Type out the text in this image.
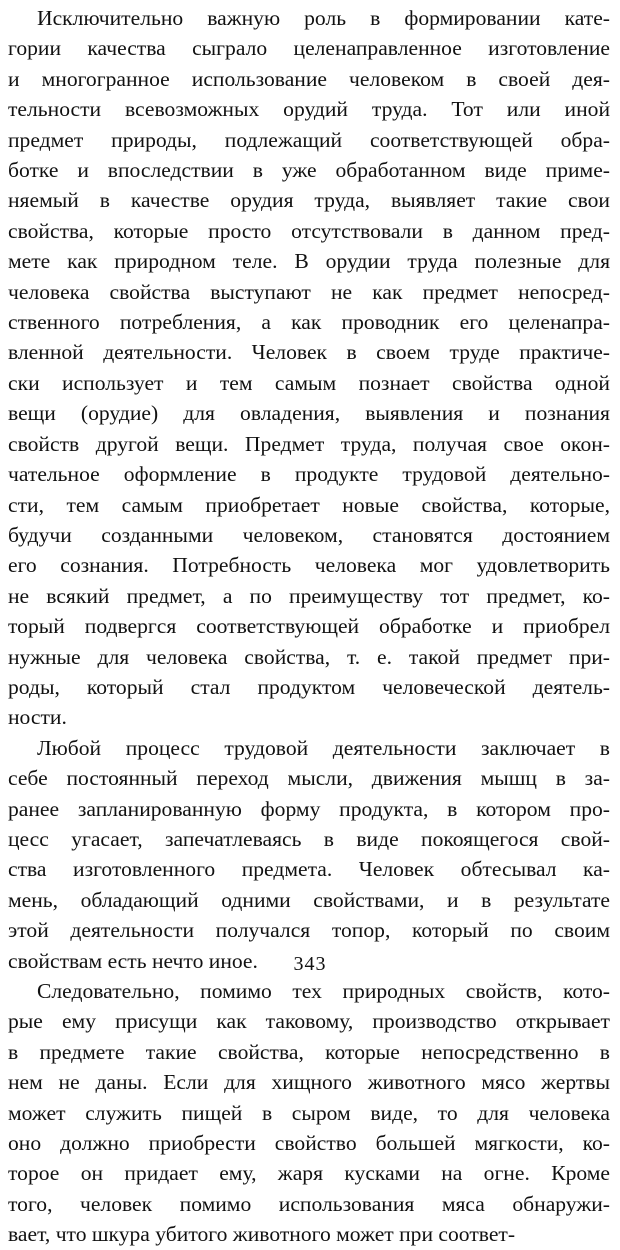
Исключительно важную роль в формировании кате-
гории качества сыграло целенаправленное изготовление
и многогранное использование человеком в своей дея-
тельности всевозможных орудий труда. Тот или иной
предмет природы, подлежащий соответствующей обра-
ботке и впоследствии в уже обработанном виде приме-
няемый в качестве орудия труда, выявляет такие свои
свойства, которые просто отсутствовали в данном пред-
мете как природном теле. В орудии труда полезные для
человека свойства выступают не как предмет непосред-
ственного потребления, а как проводник его целенапра-
вленной деятельности. Человек в своем труде практиче-
ски использует и тем самым познает свойства одной
вещи (орудие) для овладения, выявления и познания
свойств другой вещи. Предмет труда, получая свое окон-
чательное оформление в продукте трудовой деятельно-
сти, тем самым приобретает новые свойства, которые,
будучи созданными человеком, становятся достоянием
его сознания. Потребность человека мог удовлетворить
не всякий предмет, а по преимуществу тот предмет, ко-
торый подвергся соответствующей обработке и приобрел
нужные для человека свойства, т. е. такой предмет при-
роды, который стал продуктом человеческой деятель-
ности.

Любой процесс трудовой деятельности заключает в
себе постоянный переход мысли, движения мышц в за-
ранее запланированную форму продукта, в котором про-
цесс угасает, запечатлеваясь в виде покоящегося свой-
ства изготовленного предмета. Человек обтесывал ка-
мень, обладающий одними свойствами, и в результате
этой деятельности получался топор, который по своим
свойствам есть нечто иное.

Следовательно, помимо тех природных свойств, кото-
рые ему присущи как таковому, производство открывает
в предмете такие свойства, которые непосредственно в
нем не даны. Если для хищного животного мясо жертвы
может служить пищей в сыром виде, то для человека
оно должно приобрести свойство большей мягкости, ко-
торое он придает ему, жаря кусками на огне. Кроме
того, человек помимо использования мяса обнаружи-
вает, что шкура убитого животного может при соответ-

343
